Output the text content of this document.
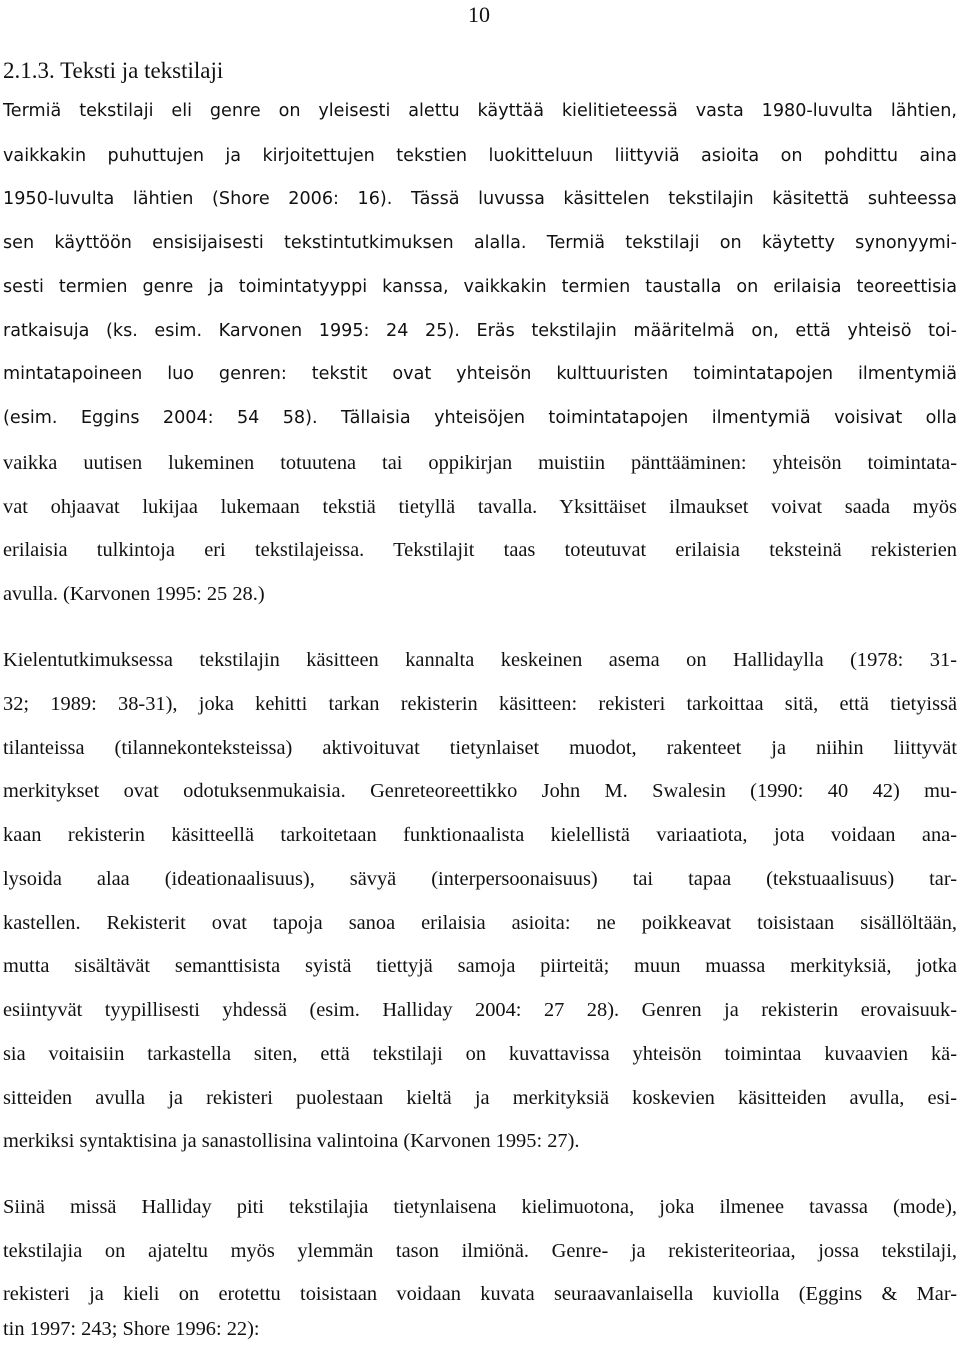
10
2.1.3. Teksti ja tekstilaji
Termiä tekstilaji eli genre on yleisesti alettu käyttää kielitieteessä vasta 1980-luvulta lähtien,
vaikkakin puhuttujen ja kirjoitettujen tekstien luokitteluun liittyviä asioita on pohdittu aina
1950-luvulta lähtien (Shore 2006: 16). Tässä luvussa käsittelen tekstilajin käsitettä suhteessa
sen käyttöön ensisijaisesti tekstintutkimuksen alalla. Termiä tekstilaji on käytetty synonyymi-
sesti termien genre ja toimintatyyppi kanssa, vaikkakin termien taustalla on erilaisia teoreettisia
ratkaisuja (ks. esim. Karvonen 1995: 24 25). Eräs tekstilajin määritelmä on, että yhteisö toi-
mintatapoineen luo genren: tekstit ovat yhteisön kulttuuristen toimintatapojen ilmentymiä
(esim. Eggins 2004: 54 58). Tällaisia yhteisöjen toimintatapojen ilmentymiä voisivat olla
vaikka uutisen lukeminen totuutena tai oppikirjan muistiin pänttääminen: yhteisön toimintata-
vat ohjaavat lukijaa lukemaan tekstiä tietyllä tavalla. Yksittäiset ilmaukset voivat saada myös
erilaisia tulkintoja eri tekstilajeissa. Tekstilajit taas toteutuvat erilaisia teksteinä rekisterien
avulla. (Karvonen 1995: 25 28.)
Kielentutkimuksessa tekstilajin käsitteen kannalta keskeinen asema on Hallidaylla (1978: 31-
32; 1989: 38-31), joka kehitti tarkan rekisterin käsitteen: rekisteri tarkoittaa sitä, että tietyissä
tilanteissa (tilannekonteksteissa) aktivoituvat tietynlaiset muodot, rakenteet ja niihin liittyvät
merkitykset ovat odotuksenmukaisia. Genreteoreettikko John M. Swalesin (1990: 40 42) mu-
kaan rekisterin käsitteellä tarkoitetaan funktionaalista kielellistä variaatiota, jota voidaan ana-
lysoida alaa (ideationaalisuus), sävyä (interpersoonaisuus) tai tapaa (tekstuaalisuus) tar-
kastellen. Rekisterit ovat tapoja sanoa erilaisia asioita: ne poikkeavat toisistaan sisällöltään,
mutta sisältävät semanttisista syistä tiettyjä samoja piirteitä; muun muassa merkityksiä, jotka
esiintyvät tyypillisesti yhdessä (esim. Halliday 2004: 27 28). Genren ja rekisterin erovaisuuk-
sia voitaisiin tarkastella siten, että tekstilaji on kuvattavissa yhteisön toimintaa kuvaavien kä-
sitteiden avulla ja rekisteri puolestaan kieltä ja merkityksiä koskevien käsitteiden avulla, esi-
merkiksi syntaktisina ja sanastollisina valintoina (Karvonen 1995: 27).
Siinä missä Halliday piti tekstilajia tietynlaisena kielimuotona, joka ilmenee tavassa (mode),
tekstilajia on ajateltu myös ylemmän tason ilmiönä. Genre- ja rekisteriteoriaa, jossa tekstilaji,
rekisteri ja kieli on erotettu toisistaan voidaan kuvata seuraavanlaisella kuviolla (Eggins & Mar-
tin 1997: 243; Shore 1996: 22):
